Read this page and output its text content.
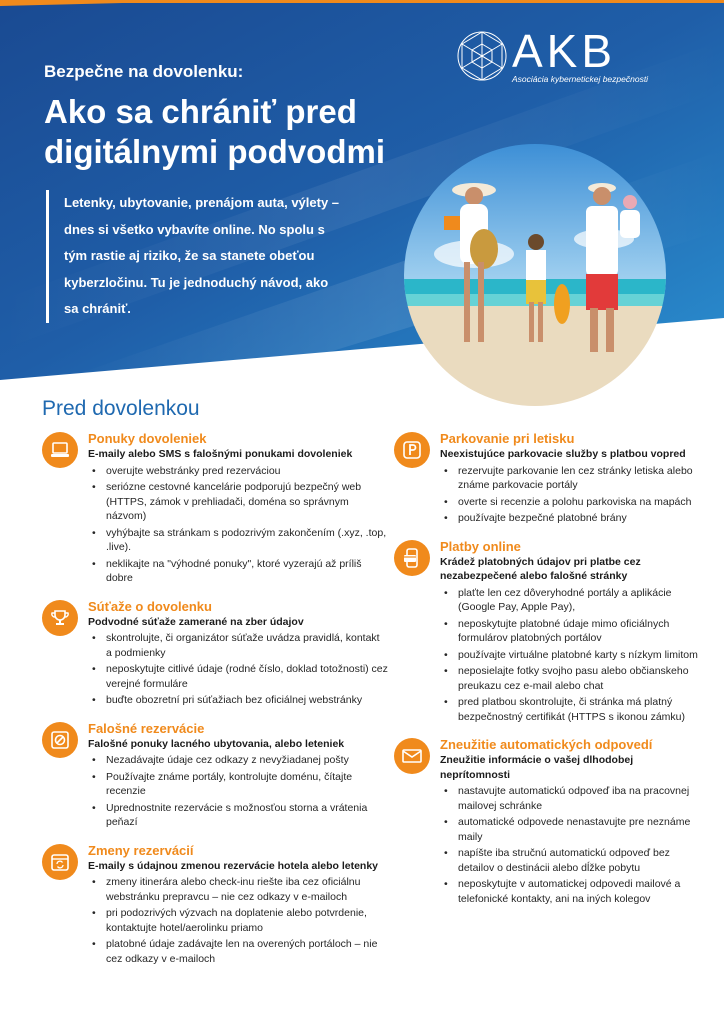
Bezpečne na dovolenku:
Ako sa chrániť pred digitálnymi podvodmi
Letenky, ubytovanie, prenájom auta, výlety – dnes si všetko vybavíte online. No spolu s tým rastie aj riziko, že sa stanete obeťou kyberzločinu. Tu je jednoduchý návod, ako sa chrániť.
AKB
Asociácia kybernetickej bezpečnosti
Pred dovolenkou
Ponuky dovoleniek
E-maily alebo SMS s falošnými ponukami dovoleniek
• overujte webstránky pred rezerváciou
• seriózne cestovné kancelárie podporujú bezpečný web (HTTPS, zámok v prehliadači, doména so správnym názvom)
• vyhýbajte sa stránkam s podozrivým zakončením (.xyz, .top, .live).
• neklikajte na "výhodné ponuky", ktoré vyzerajú až príliš dobre
Súťaže o dovolenku
Podvodné súťaže zamerané na zber údajov
• skontrolujte, či organizátor súťaže uvádza pravidlá, kontakt a podmienky
• neposkytujte citlivé údaje (rodné číslo, doklad totožnosti) cez verejné formuláre
• buďte obozretní pri súťažiach bez oficiálnej webstránky
Falošné rezervácie
Falošné ponuky lacného ubytovania, alebo leteniek
• Nezadávajte údaje cez odkazy z nevyžiadanej pošty
• Používajte známe portály, kontrolujte doménu, čítajte recenzie
• Uprednostnite rezervácie s možnosťou storna a vrátenia peňazí
Zmeny rezervácií
E-maily s údajnou zmenou rezervácie hotela alebo letenky
• zmeny itinerára alebo check-inu riešte iba cez oficiálnu webstránku prepravcu – nie cez odkazy v e-mailoch
• pri podozrivých výzvach na doplatenie alebo potvrdenie, kontaktujte hotel/aerolinku priamo
• platobné údaje zadávajte len na overených portáloch – nie cez odkazy v e-mailoch
Parkovanie pri letisku
Neexistujúce parkovacie služby s platbou vopred
• rezervujte parkovanie len cez stránky letiska alebo známe parkovacie portály
• overte si recenzie a polohu parkoviska na mapách
• používajte bezpečné platobné brány
Platby online
Krádež platobných údajov pri platbe cez nezabezpečené alebo falošné stránky
• plaťte len cez dôveryhodné portály a aplikácie (Google Pay, Apple Pay),
• neposkytujte platobné údaje mimo oficiálnych formulárov platobných portálov
• používajte virtuálne platobné karty s nízkym limitom
• neposielajte fotky svojho pasu alebo občianskeho preukazu cez e-mail alebo chat
• pred platbou skontrolujte, či stránka má platný bezpečnostný certifikát (HTTPS s ikonou zámku)
Zneužitie automatických odpovedí
Zneužitie informácie o vašej dlhodobej neprítomnosti
• nastavujte automatickú odpoveď iba na pracovnej mailovej schránke
• automatické odpovede nenastavujte pre neznáme maily
• napíšte iba stručnú automatickú odpoveď bez detailov o destinácii alebo dĺžke pobytu
• neposkytujte v automatickej odpovedi mailové a telefonické kontakty, ani na iných kolegov
